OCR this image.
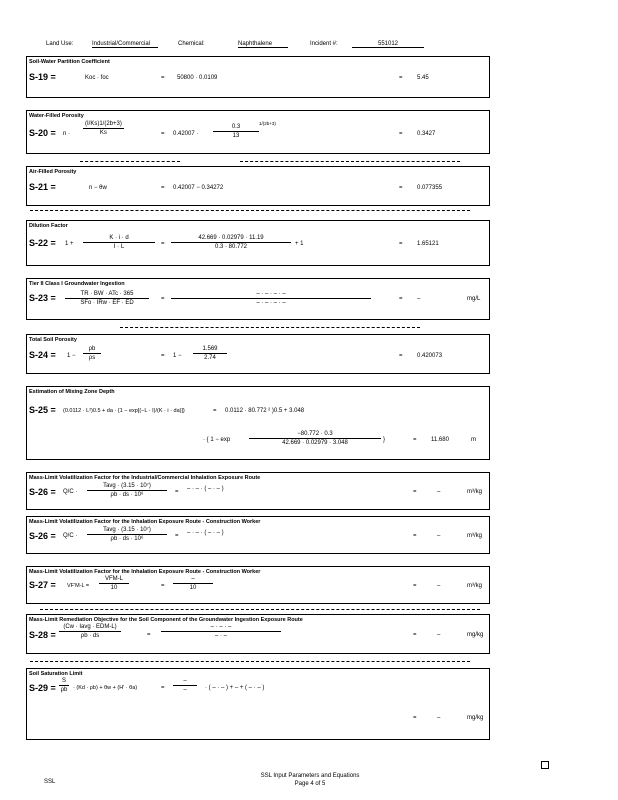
Land Use:	Industrial/Commercial	Chemical:	Naphthalene	Incident #:	551012
Soil-Water Partition Coefficient
S-19 =	Koc · foc	= 50800 · 0.0109	= 5.45
Water-Filled Porosity
$S-20 = n \cdot \frac{(I/Ks)1/(2b+3)}{Ks}$	= $0.42007 \cdot \frac{0.3}{13}$
1/(2b+3)
= 0.3427
Air-Filled Porosity
S-21 =	n − θw	= 0.42007 − 0.34272	= 0.077355
Dilution Factor
$S-22 = 1 + \frac{K \cdot i \cdot d}{I \cdot L} = \frac{42.669 \cdot 0.02979 \cdot 11.19}{0.3 \cdot 80.772} + 1$	= 1.65121
Tier II Class I Groundwater Ingestion
S-23 =	TR · BW · ATc · 365
SFo · IRw · EF · ED
=
– · – · – · –
– · – · – · –
= –	mg/L
Total Soil Porosity
$S-24 = 1 - \frac{\rho b}{\rho s}$	= $1 - \frac{1.569}{2.74}$	= 0.420073
Estimation of Mixing Zone Depth
S-25 = (0.0112 · L²)0.5 + da · {1 − exp[(−L · I)/(K · i · da)]}	= 0.0112 · 80.772 ² )0.5 + 3.048
· { 1 − exp	$\frac{-80.772 \cdot 0.3}{42.669 \cdot 0.02979 \cdot 3.048}$ }	= 11.680	m
Mass-Limit Volatilization Factor for the Industrial/Commercial Inhalation Exposure Route
S-26 = Q/C ·
Tavg · (3.15 · 10⁷)
ρb · ds · 10⁶	= – · – · ( – · – )	=	–	m³/kg
Mass-Limit Volatilization Factor for the Inhalation Exposure Route - Construction Worker
S-26 = Q/C ·
Tavg · (3.15 · 10⁷)
ρb · ds · 10⁶	= – · – · ( – · – )	=	–	m³/kg
Mass-Limit Volatilization Factor for the Inhalation Exposure Route - Construction Worker
S-27 = VF'M-L =
VFM-L
10	=
–
10	=	–	m³/kg
Mass-Limit Remediation Objective for the Soil Component of the Groundwater Ingestion Exposure Route
S-28 =
(Cw · Iavg · EDM-L)
ρb · ds	=
– · – · –
– · –	=	–	mg/kg
Soil Saturation Limit
$S-29 = \frac{S}{\rho b} \cdot (Kd \cdot \rho b) + \theta w + (H' \cdot \theta a)$	=
–
–	· ( – · – ) + – + ( – · – )
=	–	mg/kg
SSL
SSL Input Parameters and Equations
Page 4 of 5
